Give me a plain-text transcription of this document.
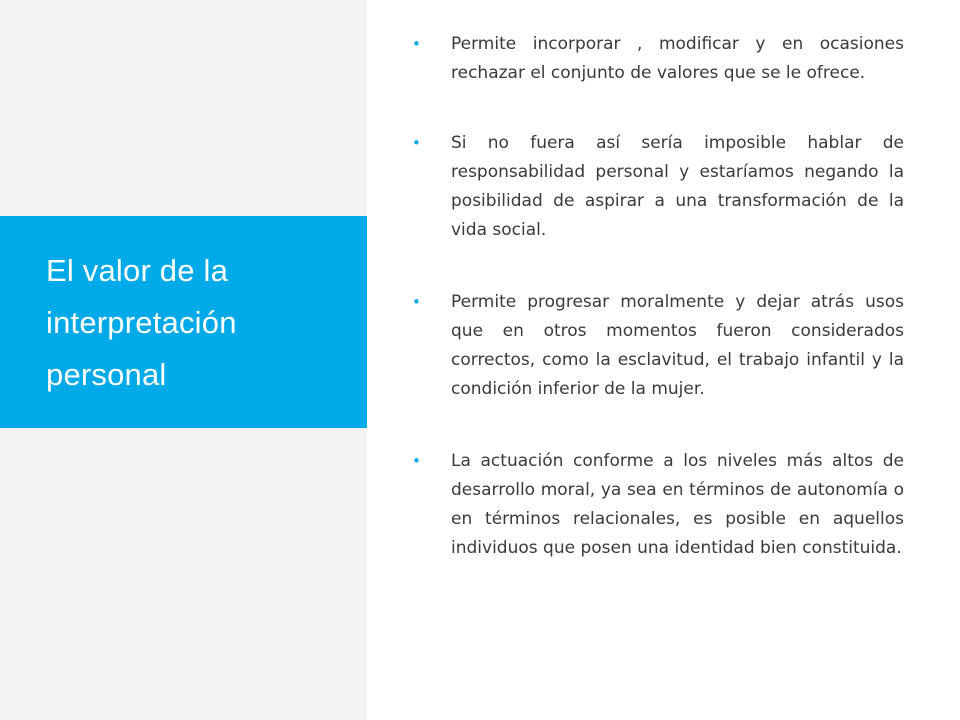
El valor de la interpretación personal
•	Permite incorporar , modificar y en ocasiones rechazar el conjunto de valores que se le ofrece.
•	Si no fuera así sería imposible hablar de responsabilidad personal y estaríamos negando la posibilidad de aspirar a una transformación de la vida social.
•	Permite progresar moralmente y dejar atrás usos que en otros momentos fueron considerados correctos, como la esclavitud, el trabajo infantil y la condición inferior de la mujer.
•	La actuación conforme a los niveles más altos de desarrollo moral, ya sea en términos de autonomía o en términos relacionales, es posible en aquellos individuos que posen una identidad bien constituida.
